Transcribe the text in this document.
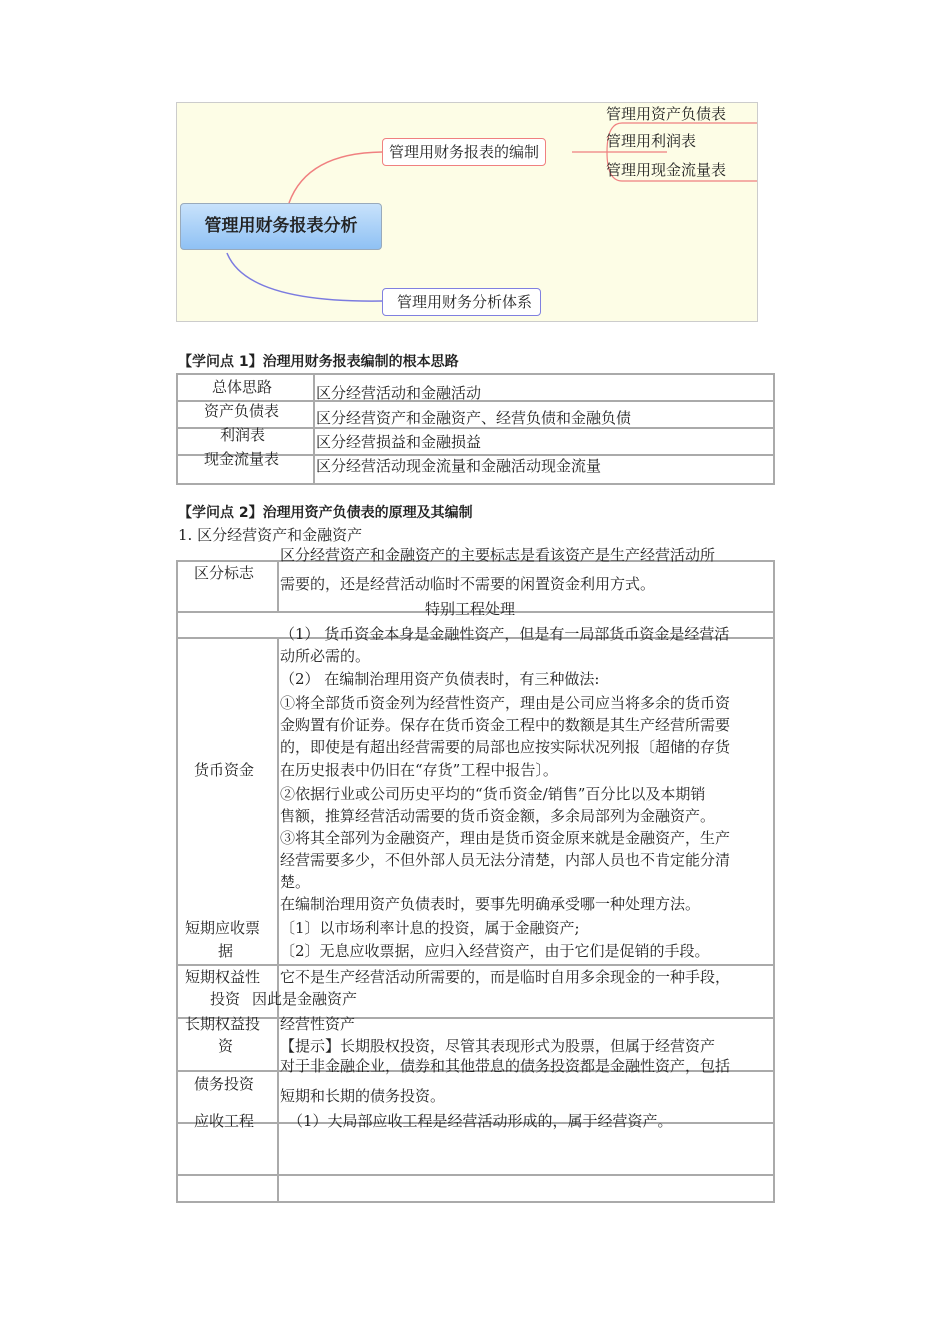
管理用财务报表分析
管理用财务报表的编制
管理用财务分析体系
管理用资产负债表
管理用利润表
管理用现金流量表
【学问点 1】治理用财务报表编制的根本思路
总体思路	区分经营活动和金融活动
资产负债表 区分经营资产和金融资产、经营负债和金融负债
利润表	区分经营损益和金融损益
现金流量表 区分经营活动现金流量和金融活动现金流量
【学问点 2】治理用资产负债表的原理及其编制
1. 区分经营资产和金融资产
区分标志
特别工程处理
货币资金
短期应收票
据
短期权益性
投资
长期权益投
资
债务投资
应收工程
区分经营资产和金融资产的主要标志是看该资产是生产经营活动所
需要的，还是经营活动临时不需要的闲置资金利用方式。
（1） 货币资金本身是金融性资产，但是有一局部货币资金是经营活
动所必需的。
（2） 在编制治理用资产负债表时，有三种做法:
①将全部货币资金列为经营性资产，理由是公司应当将多余的货币资
金购置有价证券。保存在货币资金工程中的数额是其生产经营所需要
的，即使是有超出经营需要的局部也应按实际状况列报〔超储的存货
在历史报表中仍旧在“存货”工程中报告〕。
②依据行业或公司历史平均的“货币资金/销售”百分比以及本期销
售额，推算经营活动需要的货币资金额，多余局部列为金融资产。
③将其全部列为金融资产，理由是货币资金原来就是金融资产，生产
经营需要多少，不但外部人员无法分清楚，内部人员也不肯定能分清
楚。
在编制治理用资产负债表时，要事先明确承受哪一种处理方法。
〔1〕以市场利率计息的投资，属于金融资产;
〔2〕无息应收票据，应归入经营资产，由于它们是促销的手段。
它不是生产经营活动所需要的，而是临时自用多余现金的一种手段，
因此是金融资产
经营性资产
【提示】长期股权投资，尽管其表现形式为股票，但属于经营资产
对于非金融企业，债券和其他带息的债务投资都是金融性资产，包括
短期和长期的债务投资。
（1）大局部应收工程是经营活动形成的，属于经营资产。
